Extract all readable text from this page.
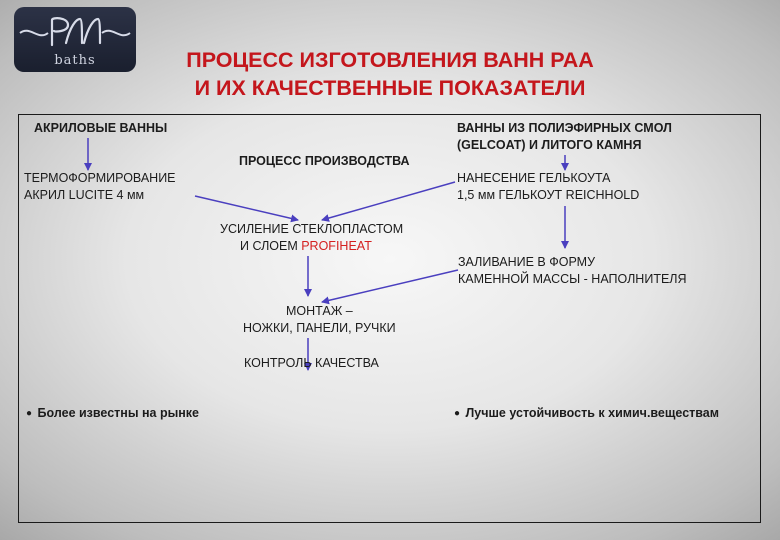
baths	ПРОЦЕСС ИЗГОТОВЛЕНИЯ ВАНН РАА
И ИХ КАЧЕСТВЕННЫЕ ПОКАЗАТЕЛИ
АКРИЛОВЫЕ ВАННЫ	ВАННЫ ИЗ ПОЛИЭФИРНЫХ СМОЛ
(GELCOAT) И ЛИТОГО КАМНЯ
ПРОЦЕСС ПРОИЗВОДСТВА
ТЕРМОФОРМИРОВАНИЕ
АКРИЛ LUCITE 4 мм
НАНЕСЕНИЕ ГЕЛЬКОУТА
1,5 мм ГЕЛЬКОУТ REICHHOLD
УСИЛЕНИЕ СТЕКЛОПЛАСТОМ
И СЛОЕМ PROFIHEAT
ЗАЛИВАНИЕ В ФОРМУ
КАМЕННОЙ МАССЫ - НАПОЛНИТЕЛЯ
МОНТАЖ –
НОЖКИ, ПАНЕЛИ, РУЧКИ
КОНТРОЛЬ КАЧЕСТВА
● Более известны на рынке	● Лучше устойчивость к химич.веществам
